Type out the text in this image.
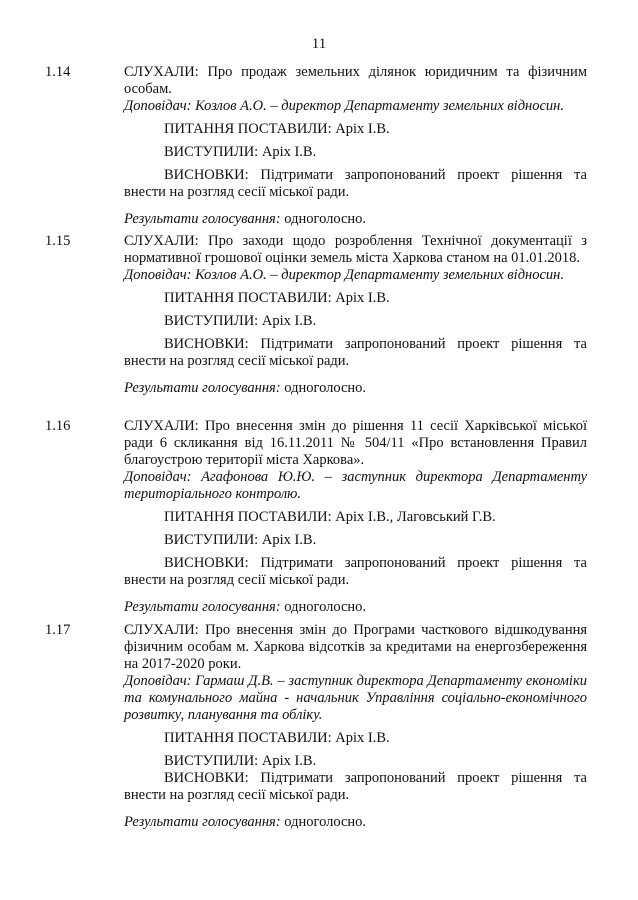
11
1.14	СЛУХАЛИ: Про продаж земельних ділянок юридичним та фізичним особам.

Доповідач: Козлов А.О. – директор Департаменту земельних відносин.

ПИТАННЯ ПОСТАВИЛИ: Аріх І.В.

ВИСТУПИЛИ: Аріх І.В.

ВИСНОВКИ: Підтримати запропонований проект рішення та внести на розгляд сесії міської ради.

Результати голосування: одноголосно.

1.15	СЛУХАЛИ: Про заходи щодо розроблення Технічної документації з нормативної грошової оцінки земель міста Харкова станом на 01.01.2018.

Доповідач: Козлов А.О. – директор Департаменту земельних відносин.

ПИТАННЯ ПОСТАВИЛИ: Аріх І.В.

ВИСТУПИЛИ: Аріх І.В.

ВИСНОВКИ: Підтримати запропонований проект рішення та внести на розгляд сесії міської ради.

Результати голосування: одноголосно.

1.16	СЛУХАЛИ: Про внесення змін до рішення 11 сесії Харківської міської ради 6 скликання від 16.11.2011 № 504/11 «Про встановлення Правил благоустрою території міста Харкова».

Доповідач: Агафонова Ю.Ю. – заступник директора Департаменту територіального контролю.

ПИТАННЯ ПОСТАВИЛИ: Аріх І.В., Лаговський Г.В.

ВИСТУПИЛИ: Аріх І.В.

ВИСНОВКИ: Підтримати запропонований проект рішення та внести на розгляд сесії міської ради.

Результати голосування: одноголосно.

1.17	СЛУХАЛИ: Про внесення змін до Програми часткового відшкодування фізичним особам м. Харкова відсотків за кредитами на енергозбереження на 2017-2020 роки.

Доповідач: Гармаш Д.В. – заступник директора Департаменту економіки та комунального майна - начальник Управління соціально-економічного розвитку, планування та обліку.

ПИТАННЯ ПОСТАВИЛИ: Аріх І.В.

ВИСТУПИЛИ: Аріх І.В.

ВИСНОВКИ: Підтримати запропонований проект рішення та внести на розгляд сесії міської ради.

Результати голосування: одноголосно.
